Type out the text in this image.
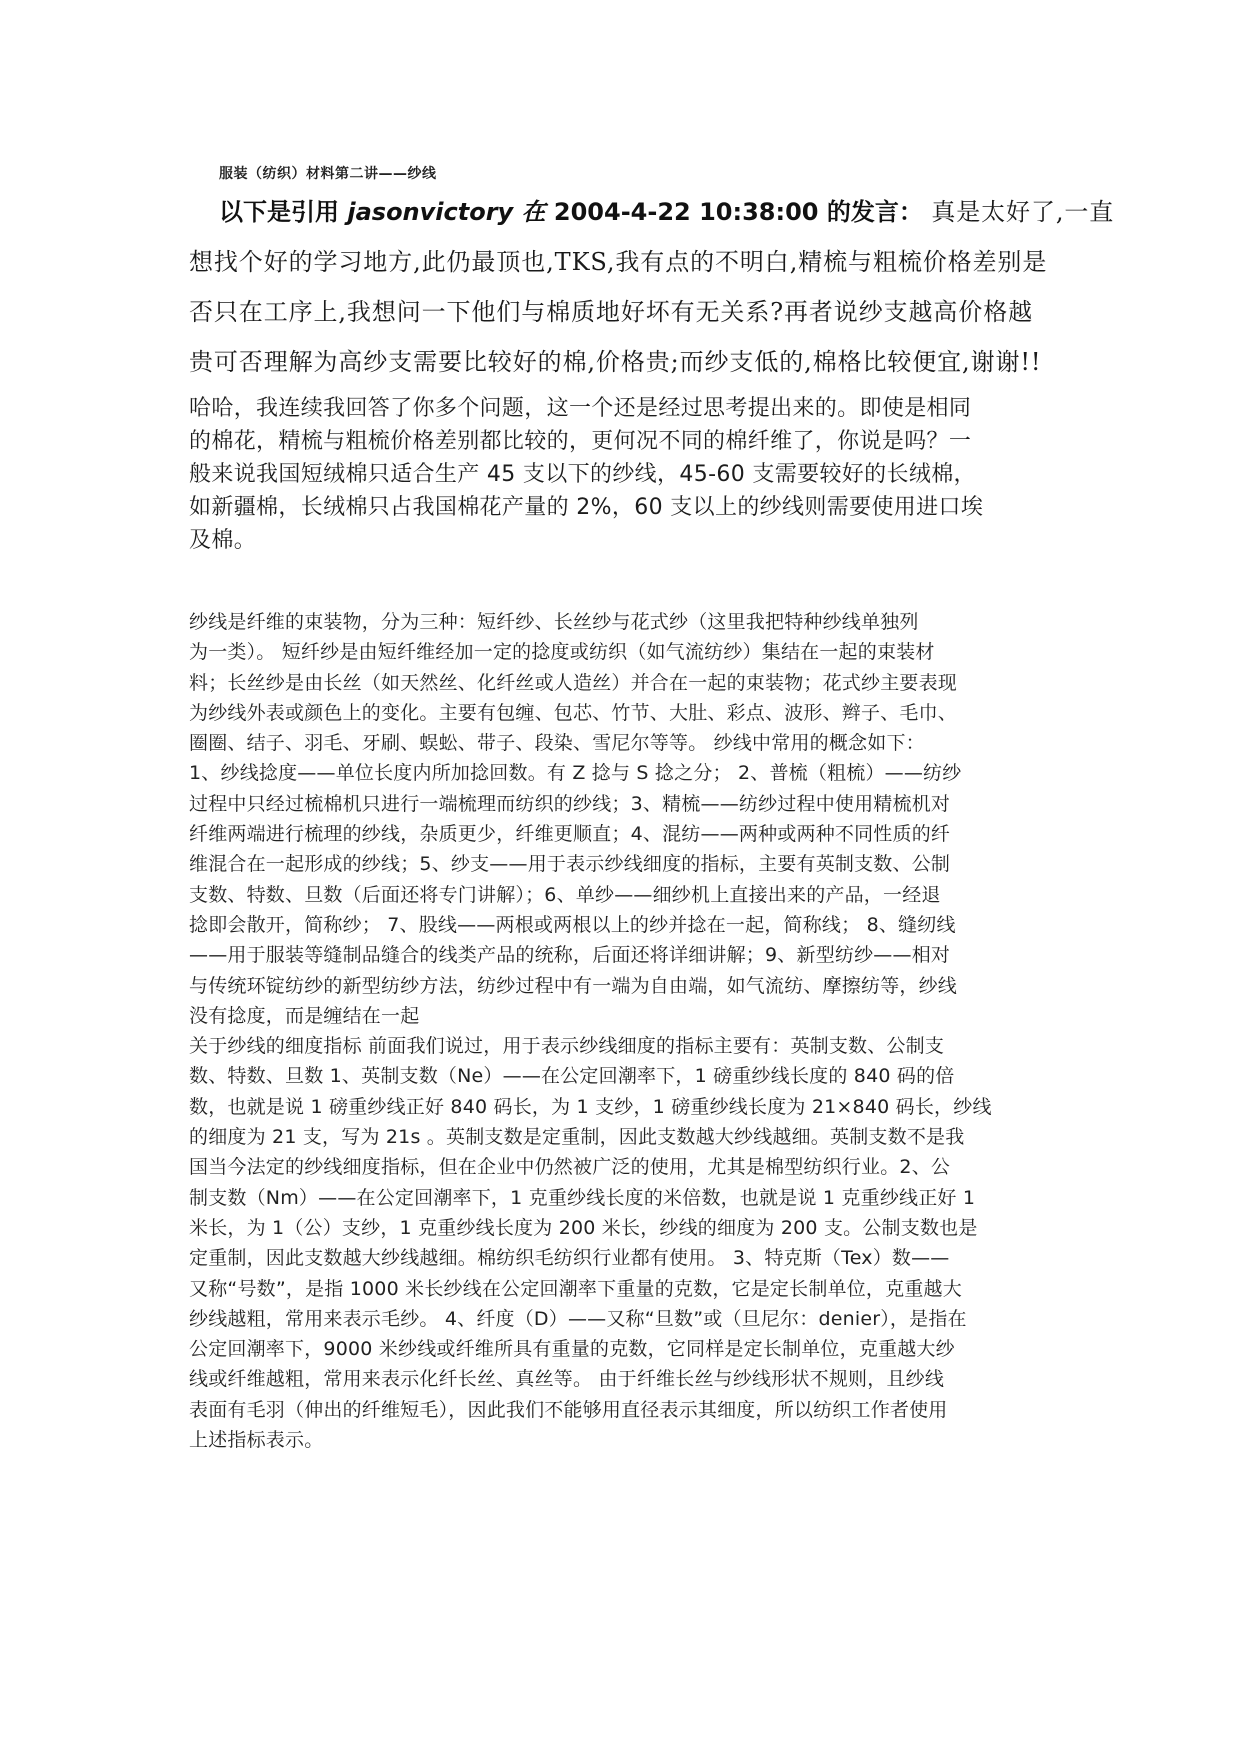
服装（纺织）材料第二讲——纱线
以下是引用 jasonvictory 在 2004-4-22 10:38:00 的发言： 真是太好了,一直
想找个好的学习地方,此仍最顶也,TKS,我有点的不明白,精梳与粗梳价格差别是
否只在工序上,我想问一下他们与棉质地好坏有无关系?再者说纱支越高价格越
贵可否理解为高纱支需要比较好的棉,价格贵;而纱支低的,棉格比较便宜,谢谢!!
哈哈，我连续我回答了你多个问题，这一个还是经过思考提出来的。即使是相同
的棉花，精梳与粗梳价格差别都比较的，更何况不同的棉纤维了，你说是吗？一
般来说我国短绒棉只适合生产 45 支以下的纱线，45-60 支需要较好的长绒棉，
如新疆棉，长绒棉只占我国棉花产量的 2%，60 支以上的纱线则需要使用进口埃
及棉。
纱线是纤维的束装物，分为三种：短纤纱、长丝纱与花式纱（这里我把特种纱线单独列
为一类）。 短纤纱是由短纤维经加一定的捻度或纺织（如气流纺纱）集结在一起的束装材
料；长丝纱是由长丝（如天然丝、化纤丝或人造丝）并合在一起的束装物；花式纱主要表现
为纱线外表或颜色上的变化。主要有包缠、包芯、竹节、大肚、彩点、波形、辫子、毛巾、
圈圈、结子、羽毛、牙刷、蜈蚣、带子、段染、雪尼尔等等。 纱线中常用的概念如下：
1、纱线捻度——单位长度内所加捻回数。有 Z 捻与 S 捻之分； 2、普梳（粗梳）——纺纱
过程中只经过梳棉机只进行一端梳理而纺织的纱线；3、精梳——纺纱过程中使用精梳机对
纤维两端进行梳理的纱线，杂质更少，纤维更顺直；4、混纺——两种或两种不同性质的纤
维混合在一起形成的纱线；5、纱支——用于表示纱线细度的指标，主要有英制支数、公制
支数、特数、旦数（后面还将专门讲解）；6、单纱——细纱机上直接出来的产品，一经退
捻即会散开，简称纱； 7、股线——两根或两根以上的纱并捻在一起，简称线； 8、缝纫线
——用于服装等缝制品缝合的线类产品的统称，后面还将详细讲解；9、新型纺纱——相对
与传统环锭纺纱的新型纺纱方法，纺纱过程中有一端为自由端，如气流纺、摩擦纺等，纱线
没有捻度，而是缠结在一起
关于纱线的细度指标 前面我们说过，用于表示纱线细度的指标主要有：英制支数、公制支
数、特数、旦数 1、英制支数（Ne）——在公定回潮率下，1 磅重纱线长度的 840 码的倍
数，也就是说 1 磅重纱线正好 840 码长，为 1 支纱，1 磅重纱线长度为 21×840 码长，纱线
的细度为 21 支，写为 21s 。英制支数是定重制，因此支数越大纱线越细。英制支数不是我
国当今法定的纱线细度指标，但在企业中仍然被广泛的使用，尤其是棉型纺织行业。2、公
制支数（Nm）——在公定回潮率下，1 克重纱线长度的米倍数，也就是说 1 克重纱线正好 1
米长，为 1（公）支纱，1 克重纱线长度为 200 米长，纱线的细度为 200 支。公制支数也是
定重制，因此支数越大纱线越细。棉纺织毛纺织行业都有使用。 3、特克斯（Tex）数——
又称“号数”，是指 1000 米长纱线在公定回潮率下重量的克数，它是定长制单位，克重越大
纱线越粗，常用来表示毛纱。 4、纤度（D）——又称“旦数”或（旦尼尔：denier），是指在
公定回潮率下，9000 米纱线或纤维所具有重量的克数，它同样是定长制单位，克重越大纱
线或纤维越粗，常用来表示化纤长丝、真丝等。 由于纤维长丝与纱线形状不规则，且纱线
表面有毛羽（伸出的纤维短毛），因此我们不能够用直径表示其细度，所以纺织工作者使用
上述指标表示。
